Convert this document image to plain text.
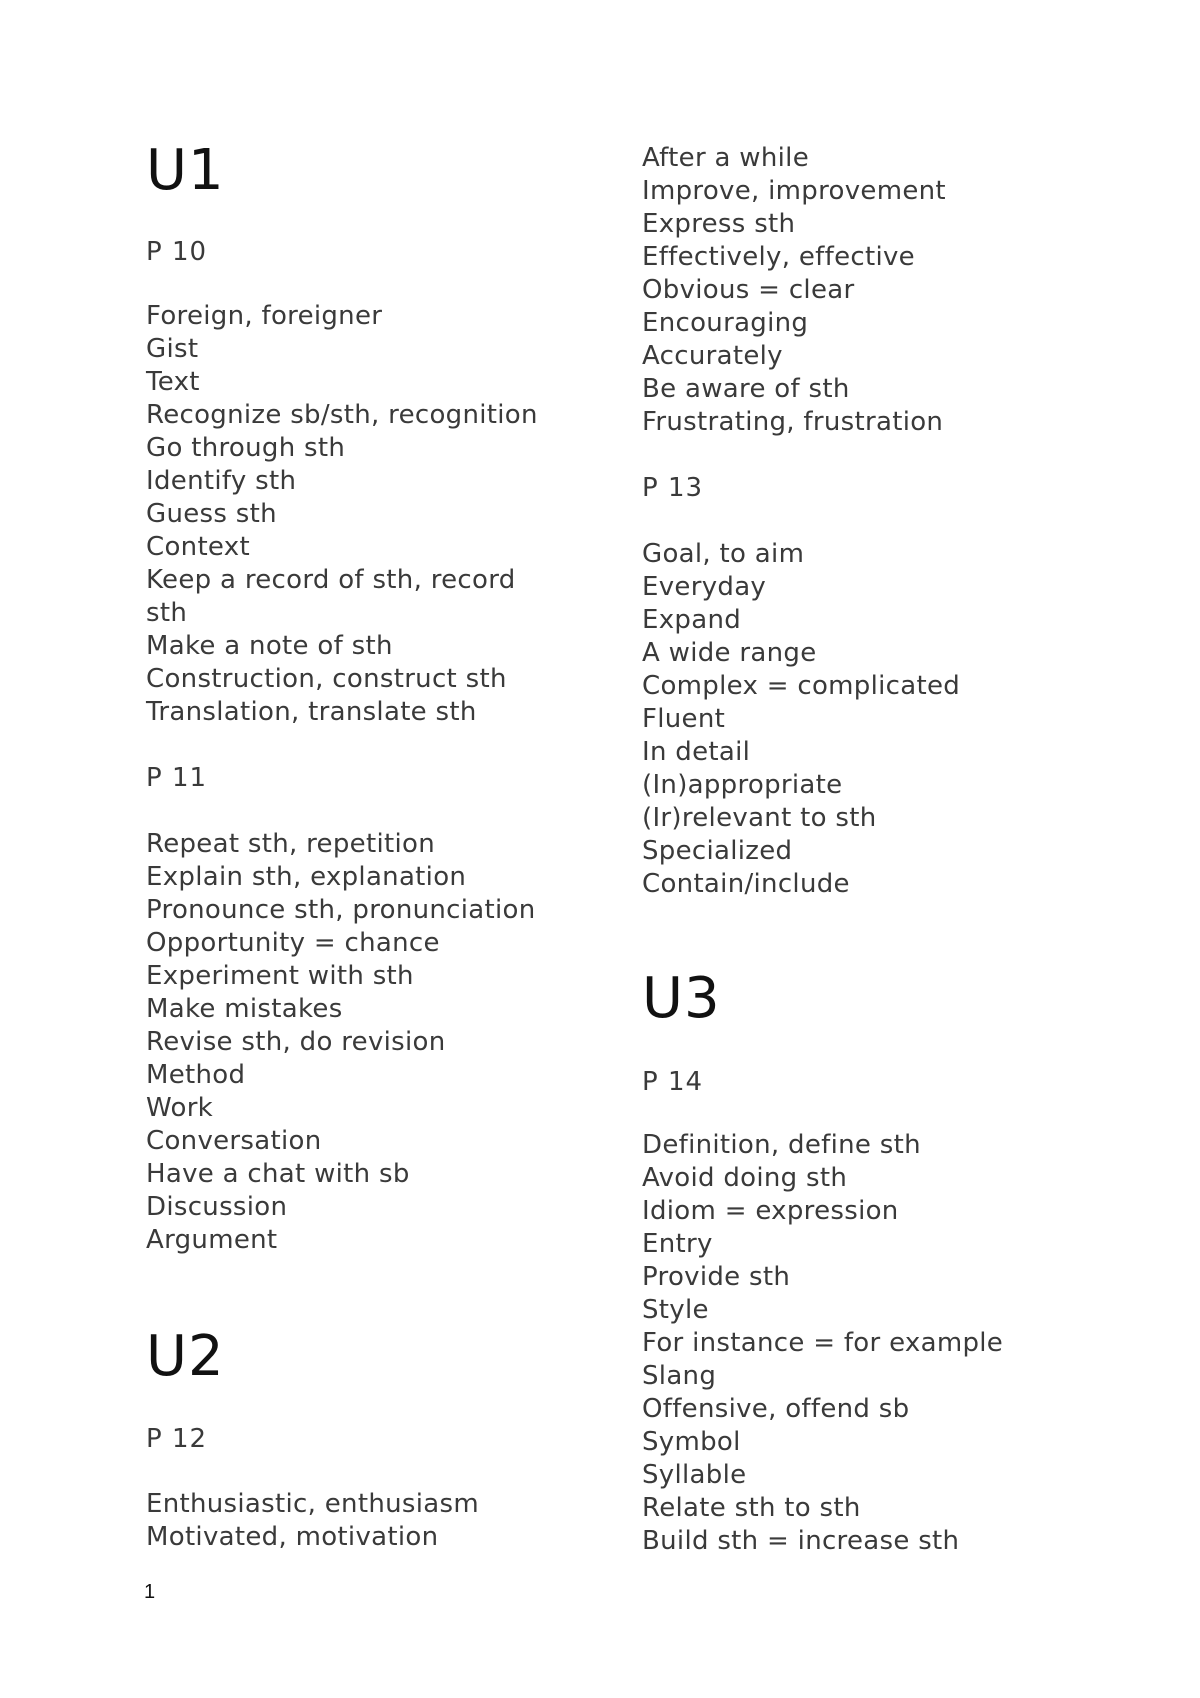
U1
P 10
Foreign, foreigner
Gist
Text
Recognize sb/sth, recognition
Go through sth
Identify sth
Guess sth
Context
Keep a record of sth, record sth
Make a note of sth
Construction, construct sth
Translation, translate sth
P 11
Repeat sth, repetition
Explain sth, explanation
Pronounce sth, pronunciation
Opportunity = chance
Experiment with sth
Make mistakes
Revise sth, do revision
Method
Work
Conversation
Have a chat with sb
Discussion
Argument
U2
P 12
Enthusiastic, enthusiasm
Motivated, motivation
After a while
Improve, improvement
Express sth
Effectively, effective
Obvious = clear
Encouraging
Accurately
Be aware of sth
Frustrating, frustration
P 13
Goal, to aim
Everyday
Expand
A wide range
Complex = complicated
Fluent
In detail
(In)appropriate
(Ir)relevant to sth
Specialized
Contain/include
U3
P 14
Definition, define sth
Avoid doing sth
Idiom = expression
Entry
Provide sth
Style
For instance = for example
Slang
Offensive, offend sb
Symbol
Syllable
Relate sth to sth
Build sth = increase sth
1
